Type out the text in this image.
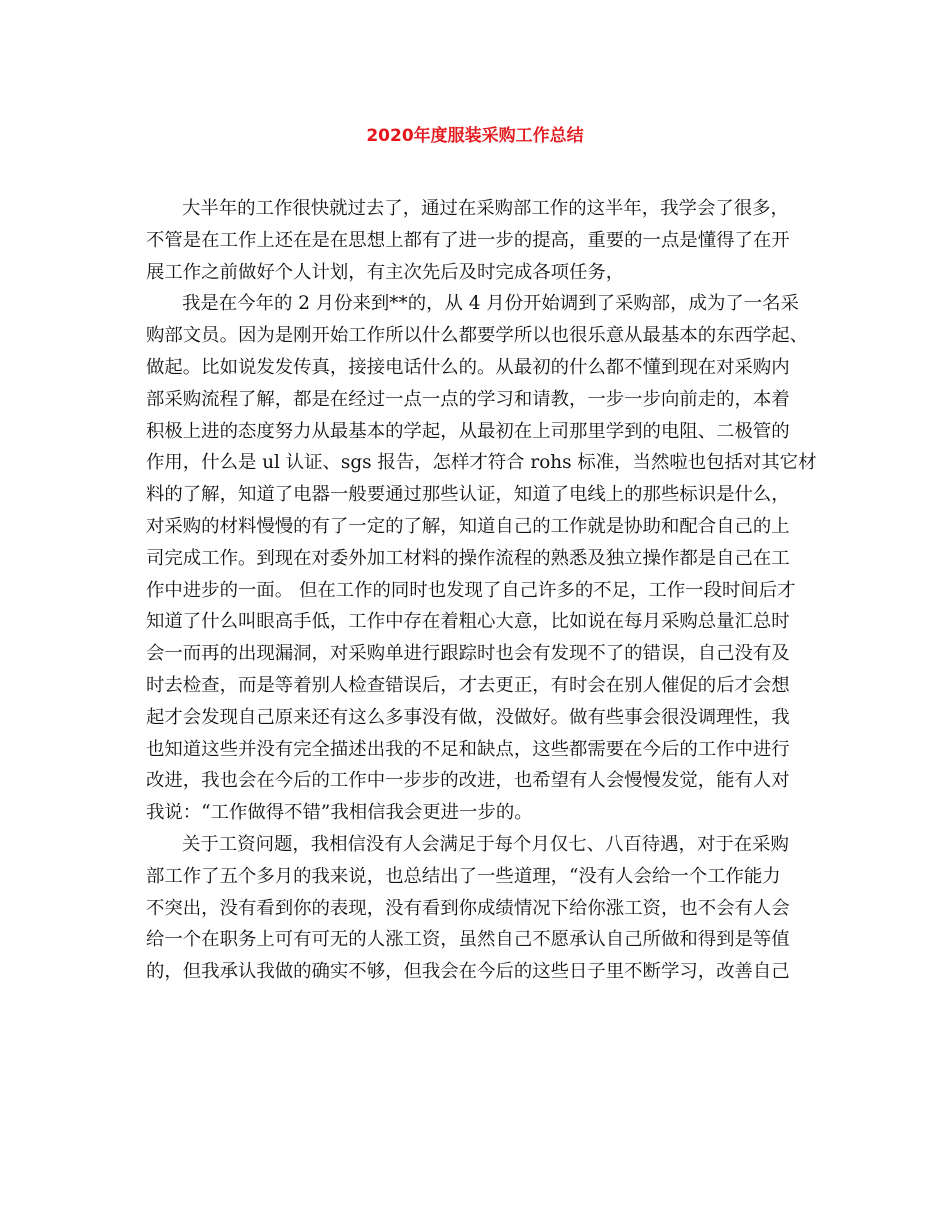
2020年度服装采购工作总结
大半年的工作很快就过去了，通过在采购部工作的这半年，我学会了很多，
不管是在工作上还在是在思想上都有了进一步的提高，重要的一点是懂得了在开
展工作之前做好个人计划，有主次先后及时完成各项任务，
我是在今年的 2 月份来到**的，从 4 月份开始调到了采购部，成为了一名采
购部文员。因为是刚开始工作所以什么都要学所以也很乐意从最基本的东西学起、
做起。比如说发发传真，接接电话什么的。从最初的什么都不懂到现在对采购内
部采购流程了解，都是在经过一点一点的学习和请教，一步一步向前走的，本着
积极上进的态度努力从最基本的学起，从最初在上司那里学到的电阻、二极管的
作用，什么是 ul 认证、sgs 报告，怎样才符合 rohs 标准，当然啦也包括对其它材
料的了解，知道了电器一般要通过那些认证，知道了电线上的那些标识是什么，
对采购的材料慢慢的有了一定的了解，知道自己的工作就是协助和配合自己的上
司完成工作。到现在对委外加工材料的操作流程的熟悉及独立操作都是自己在工
作中进步的一面。 但在工作的同时也发现了自己许多的不足，工作一段时间后才
知道了什么叫眼高手低，工作中存在着粗心大意，比如说在每月采购总量汇总时
会一而再的出现漏洞，对采购单进行跟踪时也会有发现不了的错误，自己没有及
时去检查，而是等着别人检查错误后，才去更正，有时会在别人催促的后才会想
起才会发现自己原来还有这么多事没有做，没做好。做有些事会很没调理性，我
也知道这些并没有完全描述出我的不足和缺点，这些都需要在今后的工作中进行
改进，我也会在今后的工作中一步步的改进，也希望有人会慢慢发觉，能有人对
我说：“工作做得不错”我相信我会更进一步的。
关于工资问题，我相信没有人会满足于每个月仅七、八百待遇，对于在采购
部工作了五个多月的我来说，也总结出了一些道理，“没有人会给一个工作能力
不突出，没有看到你的表现，没有看到你成绩情况下给你涨工资，也不会有人会
给一个在职务上可有可无的人涨工资，虽然自己不愿承认自己所做和得到是等值
的，但我承认我做的确实不够，但我会在今后的这些日子里不断学习，改善自己
